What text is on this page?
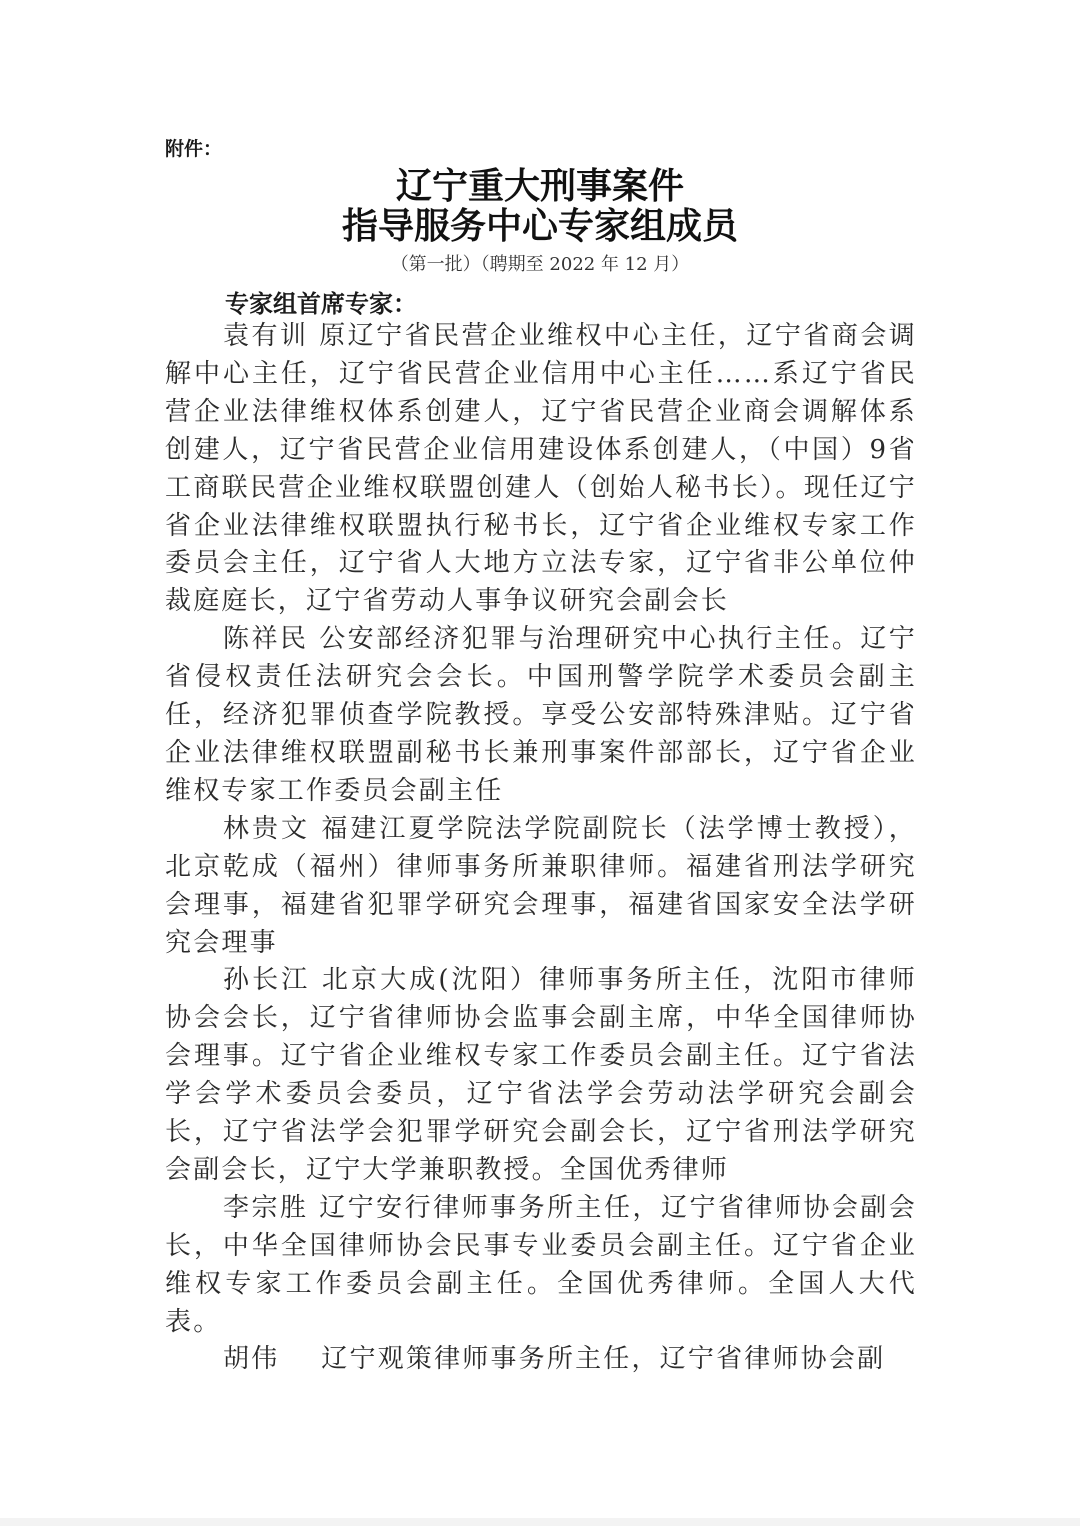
附件：
辽宁重大刑事案件
指导服务中心专家组成员
（第一批）（聘期至 2022 年 12 月）
专家组首席专家：

袁有训 原辽宁省民营企业维权中心主任，辽宁省商会调解中心主任，辽宁省民营企业信用中心主任……系辽宁省民营企业法律维权体系创建人，辽宁省民营企业商会调解体系创建人，辽宁省民营企业信用建设体系创建人，（中国）9省工商联民营企业维权联盟创建人（创始人秘书长）。现任辽宁省企业法律维权联盟执行秘书长，辽宁省企业维权专家工作委员会主任，辽宁省人大地方立法专家，辽宁省非公单位仲裁庭庭长，辽宁省劳动人事争议研究会副会长

陈祥民 公安部经济犯罪与治理研究中心执行主任。辽宁省侵权责任法研究会会长。中国刑警学院学术委员会副主任，经济犯罪侦查学院教授。享受公安部特殊津贴。辽宁省企业法律维权联盟副秘书长兼刑事案件部部长，辽宁省企业维权专家工作委员会副主任

林贵文 福建江夏学院法学院副院长（法学博士教授），北京乾成（福州）律师事务所兼职律师。福建省刑法学研究会理事，福建省犯罪学研究会理事，福建省国家安全法学研究会理事

孙长江 北京大成(沈阳）律师事务所主任，沈阳市律师协会会长，辽宁省律师协会监事会副主席，中华全国律师协会理事。辽宁省企业维权专家工作委员会副主任。辽宁省法学会学术委员会委员，辽宁省法学会劳动法学研究会副会长，辽宁省法学会犯罪学研究会副会长，辽宁省刑法学研究会副会长，辽宁大学兼职教授。全国优秀律师

李宗胜 辽宁安行律师事务所主任，辽宁省律师协会副会长，中华全国律师协会民事专业委员会副主任。辽宁省企业维权专家工作委员会副主任。全国优秀律师。全国人大代表。

胡伟 辽宁观策律师事务所主任，辽宁省律师协会副
